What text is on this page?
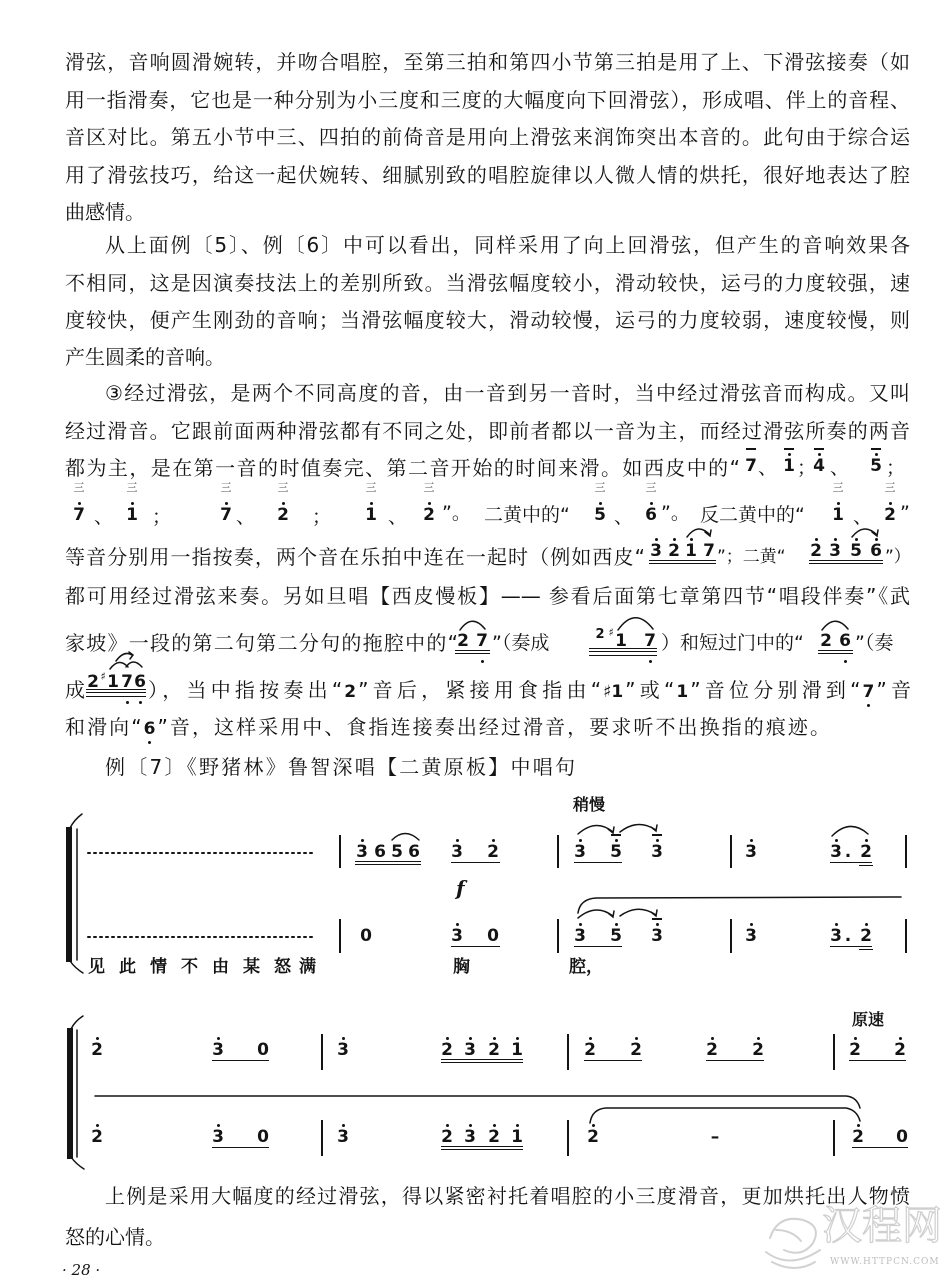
滑弦，音响圆滑婉转，并吻合唱腔，至第三拍和第四小节第三拍是用了上、下滑弦接奏（如
用一指滑奏，它也是一种分别为小三度和三度的大幅度向下回滑弦），形成唱、伴上的音程、
音区对比。第五小节中三、四拍的前倚音是用向上滑弦来润饰突出本音的。此句由于综合运
用了滑弦技巧，给这一起伏婉转、细腻别致的唱腔旋律以人微人情的烘托，很好地表达了腔
曲感情。
从上面例〔5〕、例〔6〕中可以看出，同样采用了向上回滑弦，但产生的音响效果各
不相同，这是因演奏技法上的差别所致。当滑弦幅度较小，滑动较快，运弓的力度较强，速
度较快，便产生刚劲的音响；当滑弦幅度较大，滑动较慢，运弓的力度较弱，速度较慢，则
产生圆柔的音响。
③经过滑弦，是两个不同高度的音，由一音到另一音时，当中经过滑弦音而构成。又叫
经过滑音。它跟前面两种滑弦都有不同之处，即前者都以一音为主，而经过滑弦所奏的两音
都为主，是在第一音的时值奏完、第二音开始的时间来滑。如西皮中的“ 7 、 1 ；
4 、 5 ；
三
7 、
三
1 ；
三
7 、
三
2 ；
三
1 、
三
2 ”。 二黄中的“
三
5 、
三
6 ”。 反二黄中的“
三
1 、
三
2 ”
等音分别用一指按奏，两个音在乐拍中连在一起时（例如西皮“ 3 2 1 7 ”；二黄“ 2 3 5 6 ”）
都可用经过滑弦来奏。另如旦唱【西皮慢板】—— 参看后面第七章第四节“唱段伴奏”《武
家坡》一段的第二句第二分句的拖腔中的“ 2 7 ”（奏成	2 ♯ 1 7 ）和短过门中的“ 2 6 ”（奏
成 2 ♯ 1 7 6 ），当中指按奏出“ 2 ”音后，紧接用食指由“ ♯1 ”或“ 1 ”音位分别滑到“ 7 ”音
和滑向“ 6 ”音，这样采用中、食指连接奏出经过滑音，要求听不出换指的痕迹。
例〔7〕《野猪林》鲁智深唱【二黄原板】中唱句
稍慢
3 6 5 6 3 2	3 5 3	3	3 . 2
f
0	3 0	3 5 3	3	3 . 2
见 此 情 不 由 某 怒 满	胸	腔，
原速
2	3 0	3	2 3 2 1	2 2	2 2	2 2
2	3 0	3	2 3 2 1	2	–	2 0
上例是采用大幅度的经过滑弦，得以紧密衬托着唱腔的小三度滑音，更加烘托出人物愤
怒的心情。
· 28 ·
汉程网
WWW.HTTPCN.COM
